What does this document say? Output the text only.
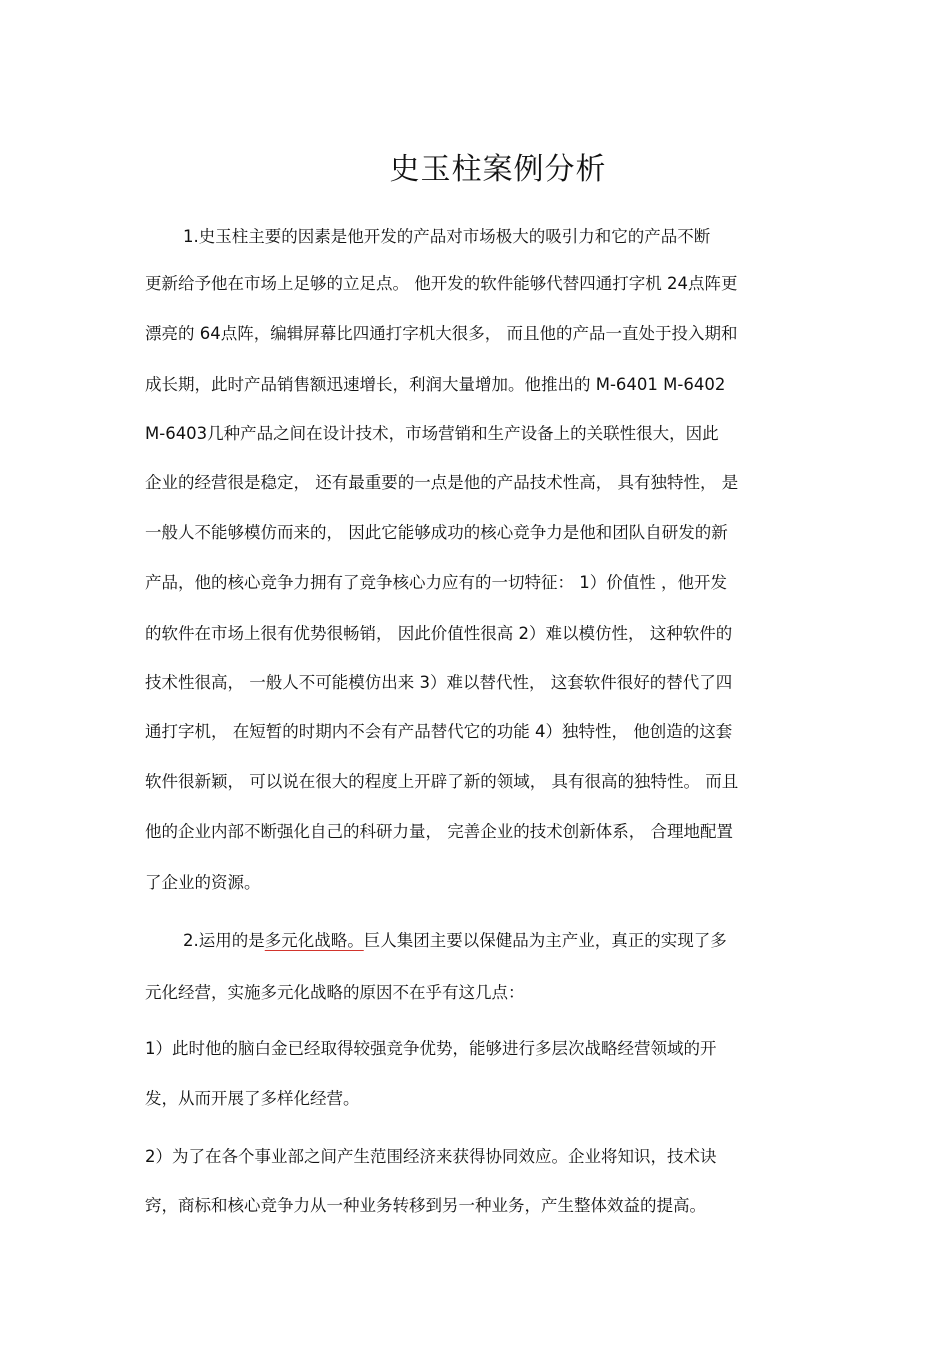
史玉柱案例分析
1.史玉柱主要的因素是他开发的产品对市场极大的吸引力和它的产品不断
更新给予他在市场上足够的立足点。 他开发的软件能够代替四通打字机 24点阵更
漂亮的 64点阵，编辑屏幕比四通打字机大很多， 而且他的产品一直处于投入期和
成长期，此时产品销售额迅速增长，利润大量增加。他推出的 M-6401 M-6402
M-6403几种产品之间在设计技术，市场营销和生产设备上的关联性很大，因此
企业的经营很是稳定， 还有最重要的一点是他的产品技术性高， 具有独特性， 是
一般人不能够模仿而来的， 因此它能够成功的核心竞争力是他和团队自研发的新
产品，他的核心竞争力拥有了竞争核心力应有的一切特征： 1）价值性 ，他开发
的软件在市场上很有优势很畅销， 因此价值性很高 2）难以模仿性， 这种软件的
技术性很高， 一般人不可能模仿出来 3）难以替代性， 这套软件很好的替代了四
通打字机， 在短暂的时期内不会有产品替代它的功能 4）独特性， 他创造的这套
软件很新颖， 可以说在很大的程度上开辟了新的领域， 具有很高的独特性。 而且
他的企业内部不断强化自己的科研力量， 完善企业的技术创新体系， 合理地配置
了企业的资源。
2.运用的是多元化战略。巨人集团主要以保健品为主产业，真正的实现了多
元化经营，实施多元化战略的原因不在乎有这几点：
1）此时他的脑白金已经取得较强竞争优势，能够进行多层次战略经营领域的开
发，从而开展了多样化经营。
2）为了在各个事业部之间产生范围经济来获得协同效应。企业将知识，技术诀
窍，商标和核心竞争力从一种业务转移到另一种业务，产生整体效益的提高。
